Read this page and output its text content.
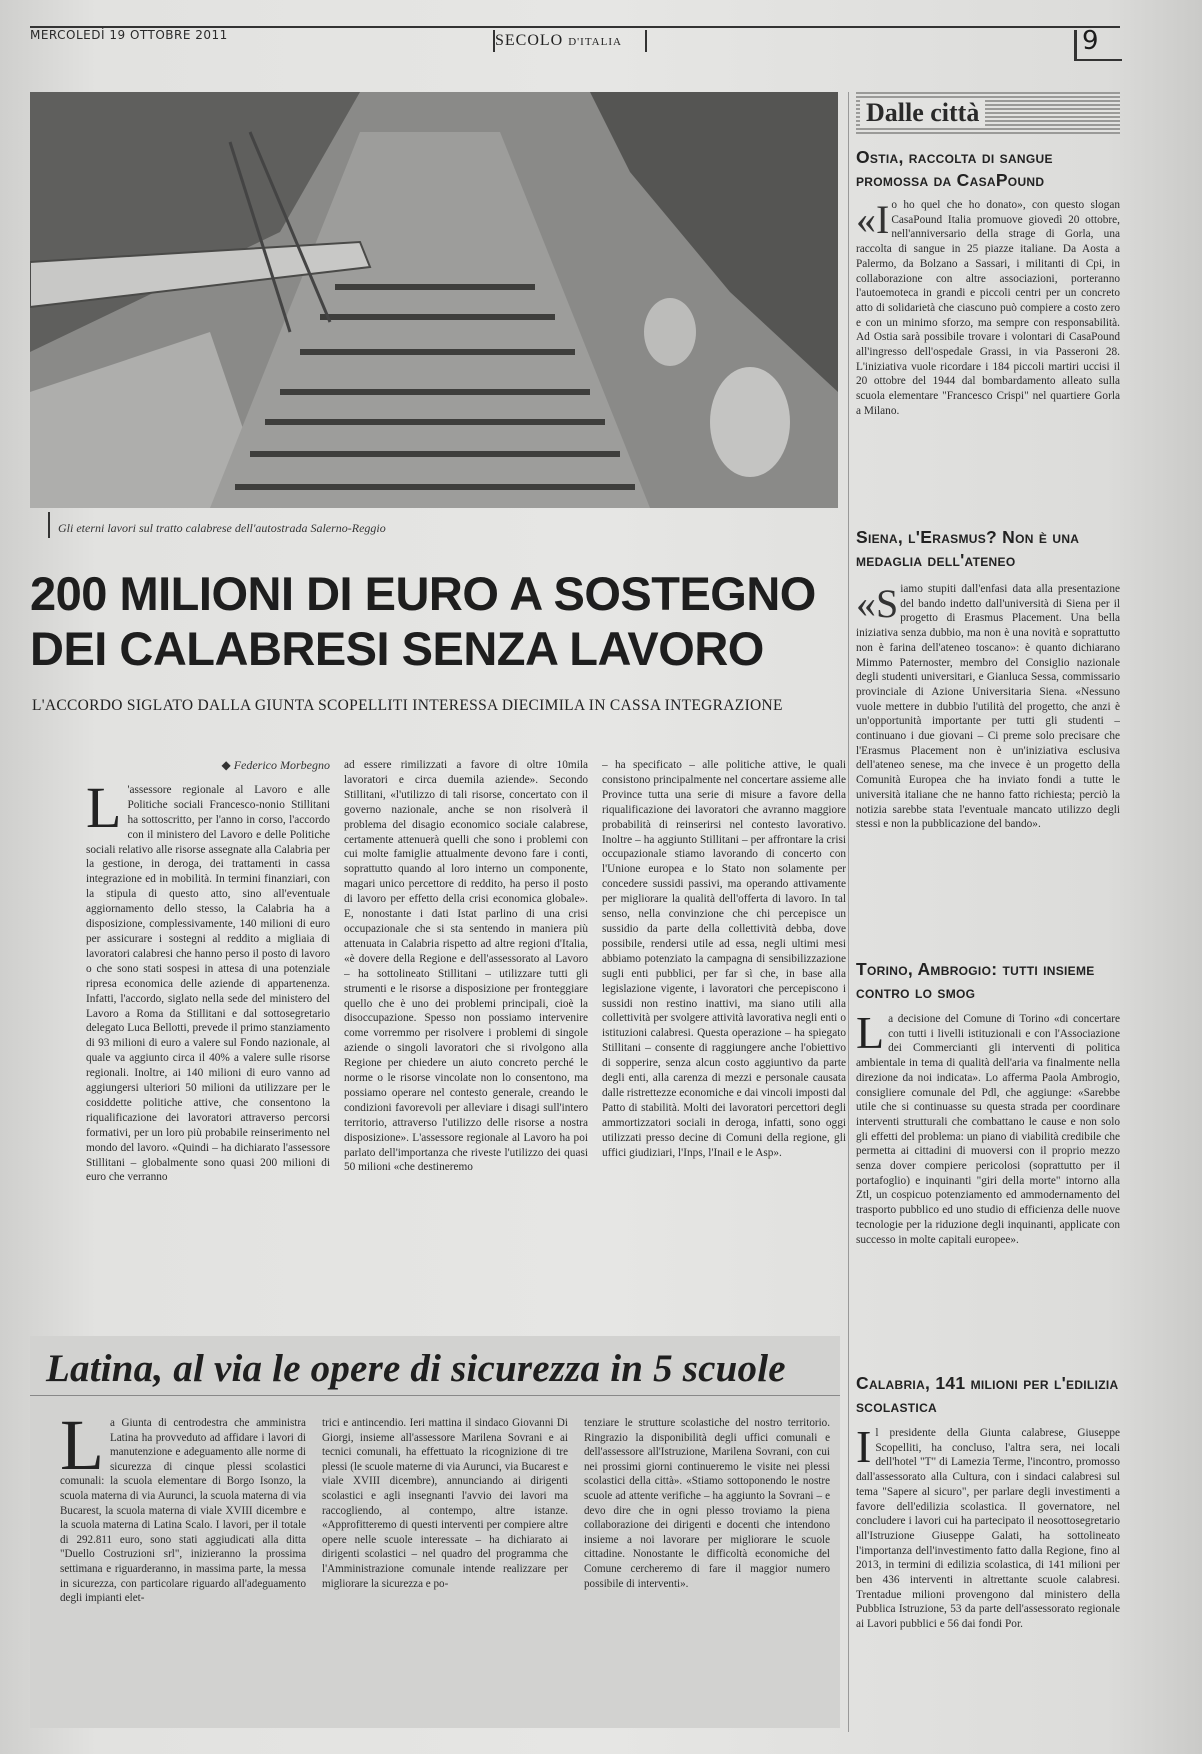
MERCOLEDÌ 19 OTTOBRE 2011	SECOLO D'ITALIA	9
Gli eterni lavori sul tratto calabrese dell'autostrada Salerno-Reggio
200 MILIONI DI EURO A SOSTEGNO DEI CALABRESI SENZA LAVORO
L'ACCORDO SIGLATO DALLA GIUNTA SCOPELLITI INTERESSA DIECIMILA IN CASSA INTEGRAZIONE
◆ Federico Morbegno
L 'assessore regionale al Lavoro e alle Politiche sociali Francesco-nonio Stillitani ha sottoscritto, per l'anno in corso, l'accordo con il ministero del Lavoro e delle Politiche sociali relativo alle risorse assegnate alla Calabria per la gestione, in deroga, dei trattamenti in cassa integrazione ed in mobilità. In termini finanziari, con la stipula di questo atto, sino all'eventuale aggiornamento dello stesso, la Calabria ha a disposizione, complessivamente, 140 milioni di euro per assicurare i sostegni al reddito a migliaia di lavoratori calabresi che hanno perso il posto di lavoro o che sono stati sospesi in attesa di una potenziale ripresa economica delle aziende di appartenenza. Infatti, l'accordo, siglato nella sede del ministero del Lavoro a Roma da Stillitani e dal sottosegretario delegato Luca Bellotti, prevede il primo stanziamento di 93 milioni di euro a valere sul Fondo nazionale, al quale va aggiunto circa il 40% a valere sulle risorse regionali. Inoltre, ai 140 milioni di euro vanno ad aggiungersi ulteriori 50 milioni da utilizzare per le cosiddette politiche attive, che consentono la riqualificazione dei lavoratori attraverso percorsi formativi, per un loro più probabile reinserimento nel mondo del lavoro. «Quindi – ha dichiarato l'assessore Stillitani – globalmente sono quasi 200 milioni di euro che verranno
ad essere rimilizzati a favore di oltre 10mila lavoratori e circa duemila aziende». Secondo Stillitani, «l'utilizzo di tali risorse, concertato con il governo nazionale, anche se non risolverà il problema del disagio economico sociale calabrese, certamente attenuerà quelli che sono i problemi con cui molte famiglie attualmente devono fare i conti, soprattutto quando al loro interno un componente, magari unico percettore di reddito, ha perso il posto di lavoro per effetto della crisi economica globale». E, nonostante i dati Istat parlino di una crisi occupazionale che si sta sentendo in maniera più attenuata in Calabria rispetto ad altre regioni d'Italia, «è dovere della Regione e dell'assessorato al Lavoro – ha sottolineato Stillitani – utilizzare tutti gli strumenti e le risorse a disposizione per fronteggiare quello che è uno dei problemi principali, cioè la disoccupazione. Spesso non possiamo intervenire come vorremmo per risolvere i problemi di singole aziende o singoli lavoratori che si rivolgono alla Regione per chiedere un aiuto concreto perché le norme o le risorse vincolate non lo consentono, ma possiamo operare nel contesto generale, creando le condizioni favorevoli per alleviare i disagi sull'intero territorio, attraverso l'utilizzo delle risorse a nostra disposizione». L'assessore regionale al Lavoro ha poi parlato dell'importanza che riveste l'utilizzo dei quasi 50 milioni «che destineremo
– ha specificato – alle politiche attive, le quali consistono principalmente nel concertare assieme alle Province tutta una serie di misure a favore della riqualificazione dei lavoratori che avranno maggiore probabilità di reinserirsi nel contesto lavorativo. Inoltre – ha aggiunto Stillitani – per affrontare la crisi occupazionale stiamo lavorando di concerto con l'Unione europea e lo Stato non solamente per concedere sussidi passivi, ma operando attivamente per migliorare la qualità dell'offerta di lavoro. In tal senso, nella convinzione che chi percepisce un sussidio da parte della collettività debba, dove possibile, rendersi utile ad essa, negli ultimi mesi abbiamo potenziato la campagna di sensibilizzazione sugli enti pubblici, per far sì che, in base alla legislazione vigente, i lavoratori che percepiscono i sussidi non restino inattivi, ma siano utili alla collettività per svolgere attività lavorativa negli enti o istituzioni calabresi. Questa operazione – ha spiegato Stillitani – consente di raggiungere anche l'obiettivo di sopperire, senza alcun costo aggiuntivo da parte degli enti, alla carenza di mezzi e personale causata dalle ristrettezze economiche e dai vincoli imposti dal Patto di stabilità. Molti dei lavoratori percettori degli ammortizzatori sociali in deroga, infatti, sono oggi utilizzati presso decine di Comuni della regione, gli uffici giudiziari, l'Inps, l'Inail e le Asp».
Latina, al via le opere di sicurezza in 5 scuole
L a Giunta di centrodestra che amministra Latina ha provveduto ad affidare i lavori di manutenzione e adeguamento alle norme di sicurezza di cinque plessi scolastici comunali: la scuola elementare di Borgo Isonzo, la scuola materna di via Aurunci, la scuola materna di via Bucarest, la scuola materna di viale XVIII dicembre e la scuola materna di Latina Scalo. I lavori, per il totale di 292.811 euro, sono stati aggiudicati alla ditta "Duello Costruzioni srl", inizieranno la prossima settimana e riguarderanno, in massima parte, la messa in sicurezza, con particolare riguardo all'adeguamento degli impianti elet-
trici e antincendio. Ieri mattina il sindaco Giovanni Di Giorgi, insieme all'assessore Marilena Sovrani e ai tecnici comunali, ha effettuato la ricognizione di tre plessi (le scuole materne di via Aurunci, via Bucarest e viale XVIII dicembre), annunciando ai dirigenti scolastici e agli insegnanti l'avvio dei lavori ma raccogliendo, al contempo, altre istanze. «Approfitteremo di questi interventi per compiere altre opere nelle scuole interessate – ha dichiarato ai dirigenti scolastici – nel quadro del programma che l'Amministrazione comunale intende realizzare per migliorare la sicurezza e po-
tenziare le strutture scolastiche del nostro territorio. Ringrazio la disponibilità degli uffici comunali e dell'assessore all'Istruzione, Marilena Sovrani, con cui nei prossimi giorni continueremo le visite nei plessi scolastici della città». «Stiamo sottoponendo le nostre scuole ad attente verifiche – ha aggiunto la Sovrani – e devo dire che in ogni plesso troviamo la piena collaborazione dei dirigenti e docenti che intendono insieme a noi lavorare per migliorare le scuole cittadine. Nonostante le difficoltà economiche del Comune cercheremo di fare il maggior numero possibile di interventi».
Dalle città
Ostia, raccolta di sangue promossa da CasaPound
«I o ho quel che ho donato», con questo slogan CasaPound Italia promuove giovedì 20 ottobre, nell'anniversario della strage di Gorla, una raccolta di sangue in 25 piazze italiane. Da Aosta a Palermo, da Bolzano a Sassari, i militanti di Cpi, in collaborazione con altre associazioni, porteranno l'autoemoteca in grandi e piccoli centri per un concreto atto di solidarietà che ciascuno può compiere a costo zero e con un minimo sforzo, ma sempre con responsabilità. Ad Ostia sarà possibile trovare i volontari di CasaPound all'ingresso dell'ospedale Grassi, in via Passeroni 28. L'iniziativa vuole ricordare i 184 piccoli martiri uccisi il 20 ottobre del 1944 dal bombardamento alleato sulla scuola elementare "Francesco Crispi" nel quartiere Gorla a Milano.
Siena, l'Erasmus? Non è una medaglia dell'ateneo
«S iamo stupiti dall'enfasi data alla presentazione del bando indetto dall'università di Siena per il progetto di Erasmus Placement. Una bella iniziativa senza dubbio, ma non è una novità e soprattutto non è farina dell'ateneo toscano»: è quanto dichiarano Mimmo Paternoster, membro del Consiglio nazionale degli studenti universitari, e Gianluca Sessa, commissario provinciale di Azione Universitaria Siena. «Nessuno vuole mettere in dubbio l'utilità del progetto, che anzi è un'opportunità importante per tutti gli studenti – continuano i due giovani – Ci preme solo precisare che l'Erasmus Placement non è un'iniziativa esclusiva dell'ateneo senese, ma che invece è un progetto della Comunità Europea che ha inviato fondi a tutte le università italiane che ne hanno fatto richiesta; perciò la notizia sarebbe stata l'eventuale mancato utilizzo degli stessi e non la pubblicazione del bando».
Torino, Ambrogio: tutti insieme contro lo smog
L a decisione del Comune di Torino «di concertare con tutti i livelli istituzionali e con l'Associazione dei Commercianti gli interventi di politica ambientale in tema di qualità dell'aria va finalmente nella direzione da noi indicata». Lo afferma Paola Ambrogio, consigliere comunale del Pdl, che aggiunge: «Sarebbe utile che si continuasse su questa strada per coordinare interventi strutturali che combattano le cause e non solo gli effetti del problema: un piano di viabilità credibile che permetta ai cittadini di muoversi con il proprio mezzo senza dover compiere pericolosi (soprattutto per il portafoglio) e inquinanti "giri della morte" intorno alla Ztl, un cospicuo potenziamento ed ammodernamento del trasporto pubblico ed uno studio di efficienza delle nuove tecnologie per la riduzione degli inquinanti, applicate con successo in molte capitali europee».
Calabria, 141 milioni per l'edilizia scolastica
I l presidente della Giunta calabrese, Giuseppe Scopelliti, ha concluso, l'altra sera, nei locali dell'hotel "T" di Lamezia Terme, l'incontro, promosso dall'assessorato alla Cultura, con i sindaci calabresi sul tema "Sapere al sicuro", per parlare degli investimenti a favore dell'edilizia scolastica. Il governatore, nel concludere i lavori cui ha partecipato il neosottosegretario all'Istruzione Giuseppe Galati, ha sottolineato l'importanza dell'investimento fatto dalla Regione, fino al 2013, in termini di edilizia scolastica, di 141 milioni per ben 436 interventi in altrettante scuole calabresi. Trentadue milioni provengono dal ministero della Pubblica Istruzione, 53 da parte dell'assessorato regionale ai Lavori pubblici e 56 dai fondi Por.
